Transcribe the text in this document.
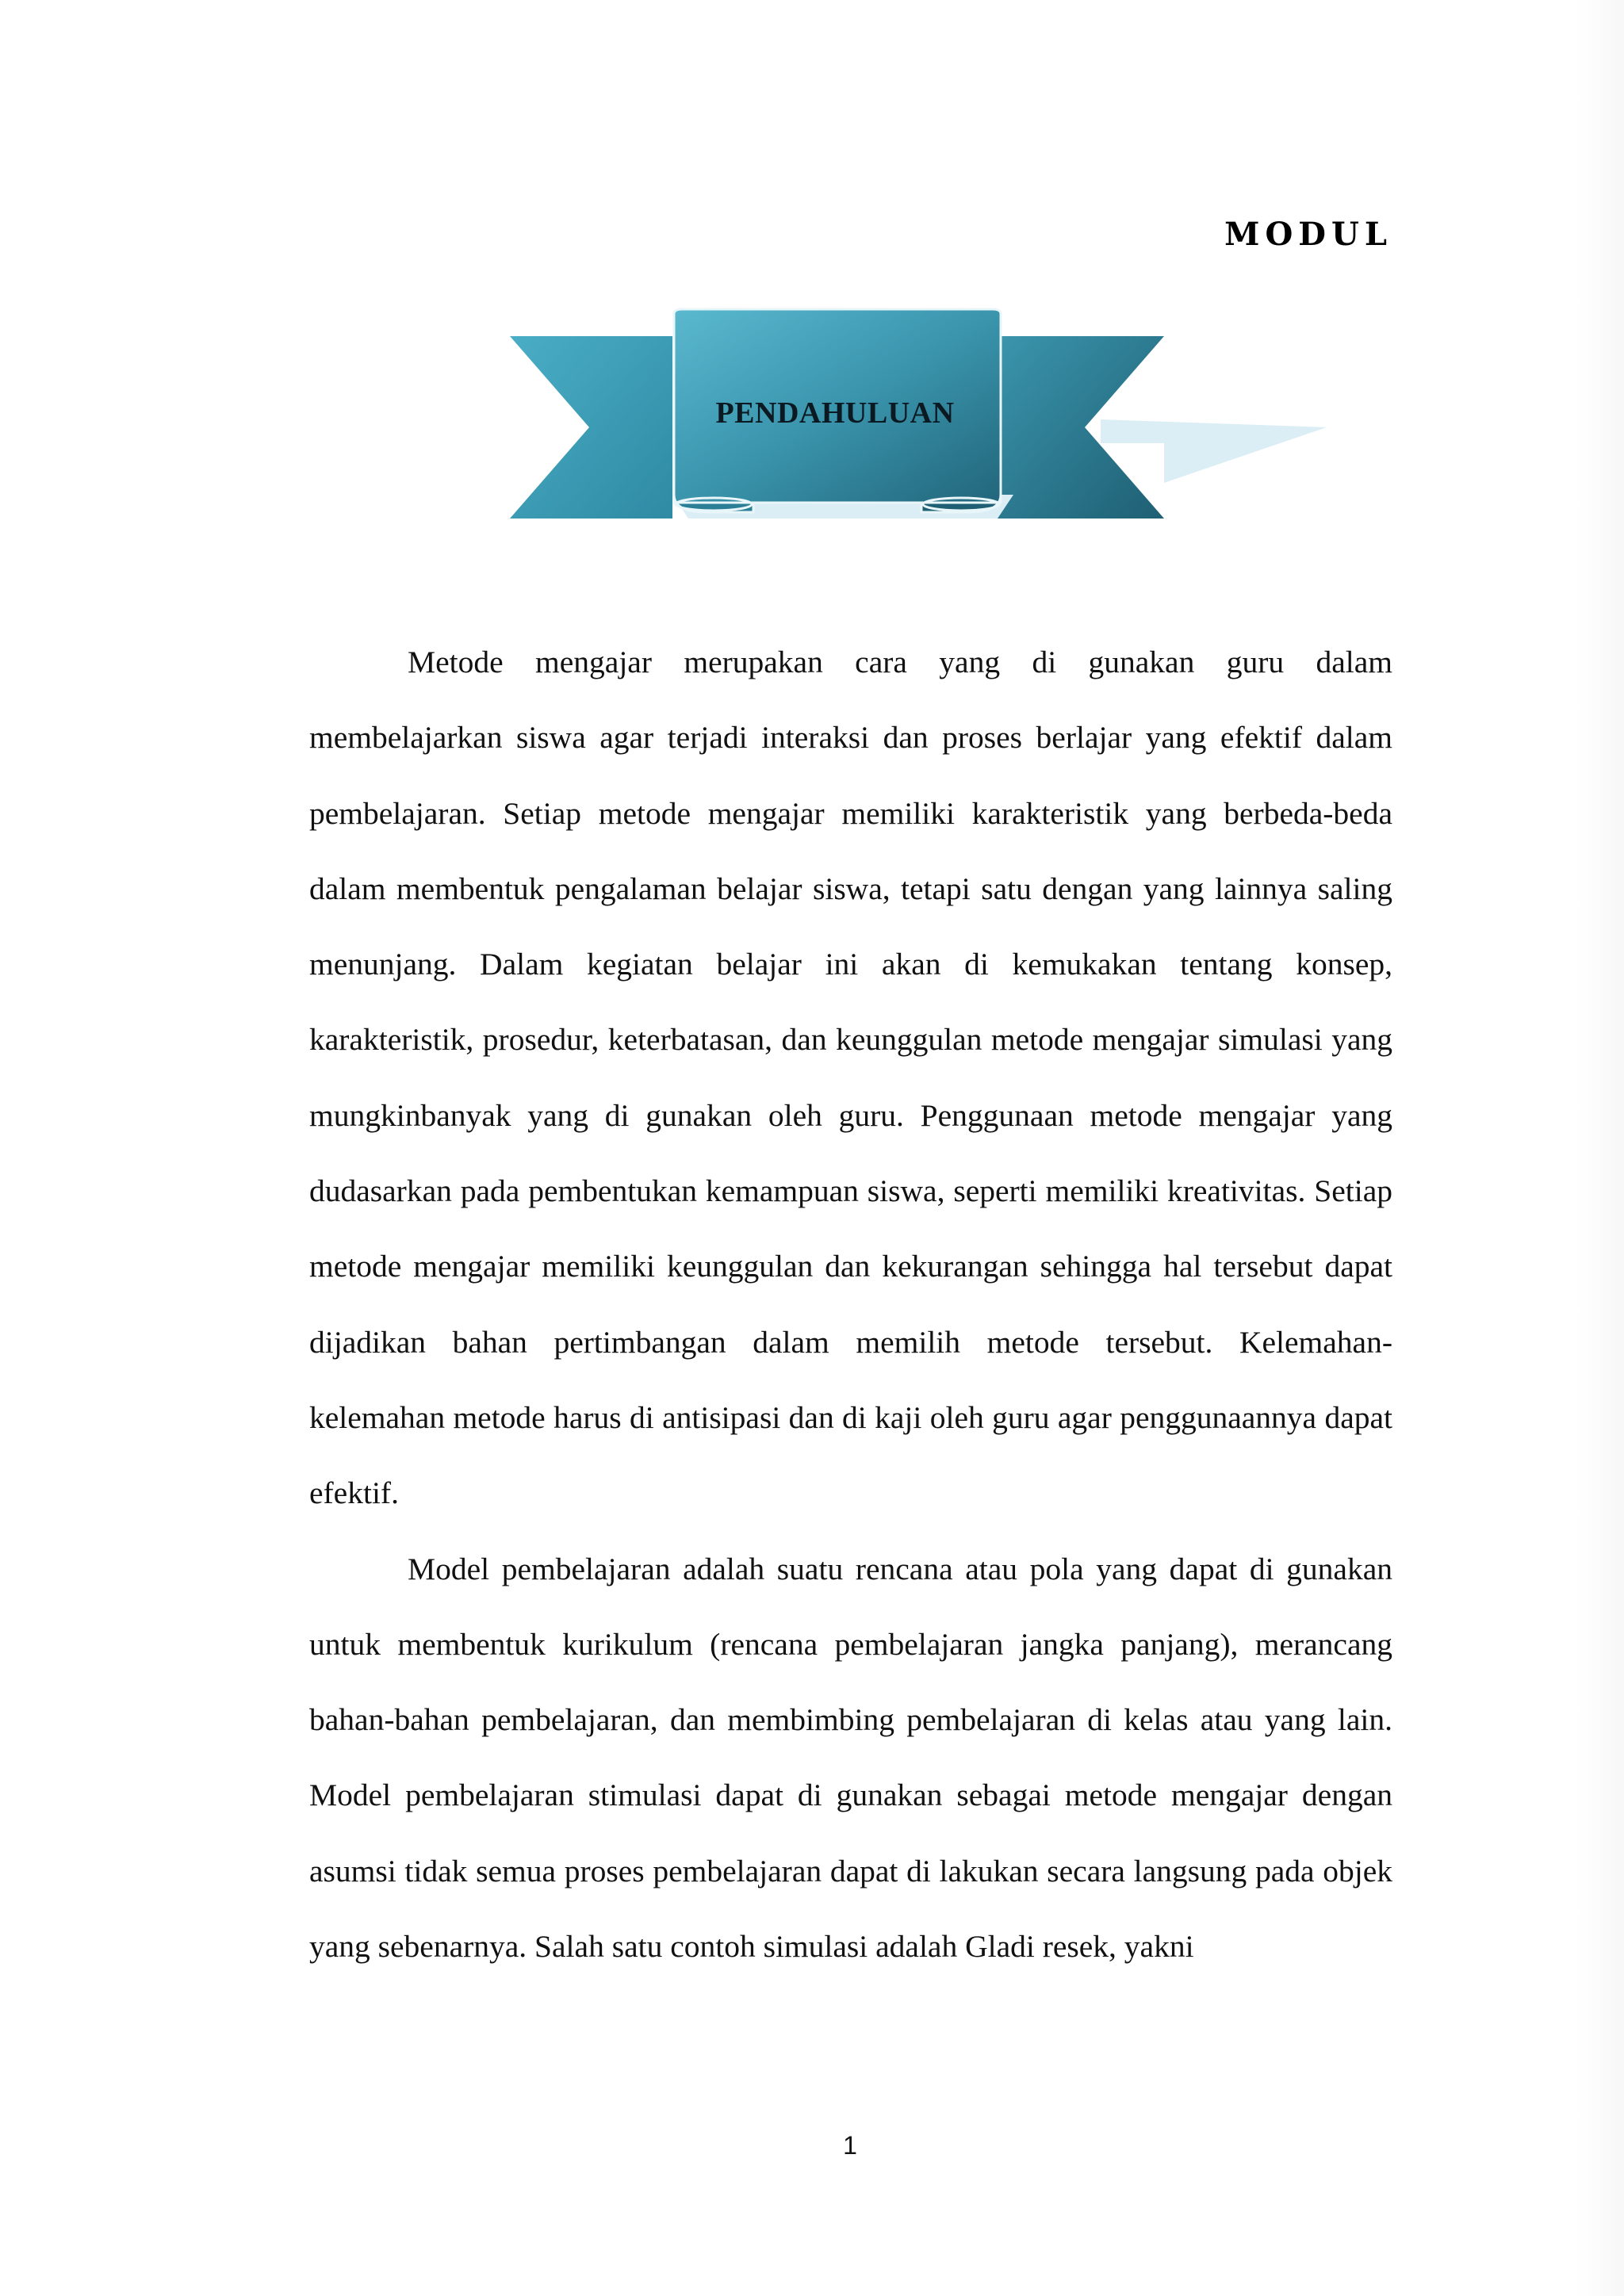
MODUL
PENDAHULUAN

Metode mengajar merupakan cara yang di gunakan guru dalam membelajarkan siswa agar terjadi interaksi dan proses berlajar yang efektif dalam pembelajaran. Setiap metode mengajar memiliki karakteristik yang berbeda-beda dalam membentuk pengalaman belajar siswa, tetapi satu dengan yang lainnya saling menunjang. Dalam kegiatan belajar ini akan di kemukakan tentang konsep, karakteristik, prosedur, keterbatasan, dan keunggulan metode mengajar simulasi yang mungkinbanyak yang di gunakan oleh guru. Penggunaan metode mengajar yang dudasarkan pada pembentukan kemampuan siswa, seperti memiliki kreativitas. Setiap metode mengajar memiliki keunggulan dan kekurangan sehingga hal tersebut dapat dijadikan bahan pertimbangan dalam memilih metode tersebut. Kelemahan-kelemahan metode harus di antisipasi dan di kaji oleh guru agar penggunaannya dapat efektif.

Model pembelajaran adalah suatu rencana atau pola yang dapat di gunakan untuk membentuk kurikulum (rencana pembelajaran jangka panjang), merancang bahan-bahan pembelajaran, dan membimbing pembelajaran di kelas atau yang lain. Model pembelajaran stimulasi dapat di gunakan sebagai metode mengajar dengan asumsi tidak semua proses pembelajaran dapat di lakukan secara langsung pada objek yang sebenarnya. Salah satu contoh simulasi adalah Gladi resek, yakni

1
